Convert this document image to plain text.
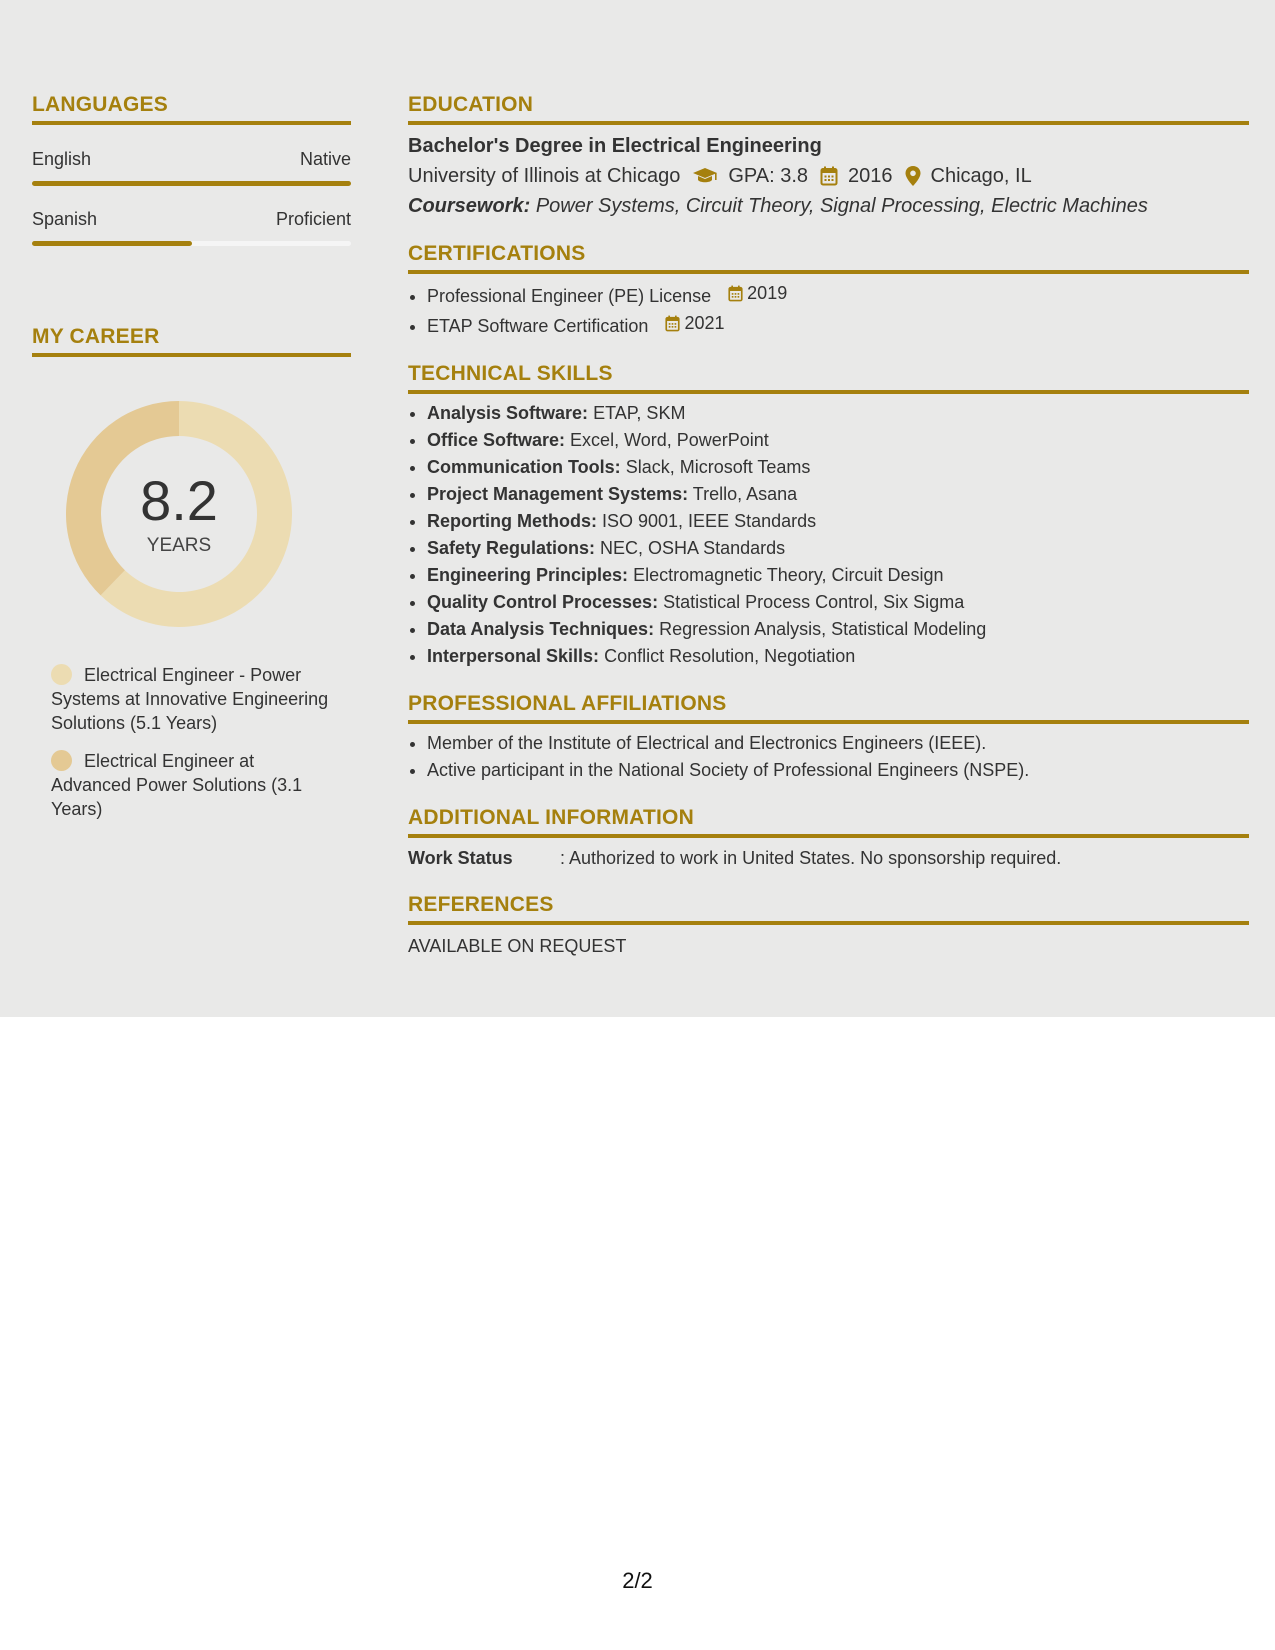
LANGUAGES
English	Native
Spanish	Proficient
MY CAREER
8.2
YEARS
Electrical Engineer - Power Systems at Innovative Engineering Solutions (5.1 Years)
Electrical Engineer at Advanced Power Solutions (3.1 Years)
EDUCATION
Bachelor's Degree in Electrical Engineering
University of Illinois at Chicago GPA: 3.8 2016 Chicago, IL
Coursework: Power Systems, Circuit Theory, Signal Processing, Electric Machines
CERTIFICATIONS
• Professional Engineer (PE) License 2019
• ETAP Software Certification 2021
TECHNICAL SKILLS
• Analysis Software: ETAP, SKM
• Office Software: Excel, Word, PowerPoint
• Communication Tools: Slack, Microsoft Teams
• Project Management Systems: Trello, Asana
• Reporting Methods: ISO 9001, IEEE Standards
• Safety Regulations: NEC, OSHA Standards
• Engineering Principles: Electromagnetic Theory, Circuit Design
• Quality Control Processes: Statistical Process Control, Six Sigma
• Data Analysis Techniques: Regression Analysis, Statistical Modeling
• Interpersonal Skills: Conflict Resolution, Negotiation
PROFESSIONAL AFFILIATIONS
• Member of the Institute of Electrical and Electronics Engineers (IEEE).
• Active participant in the National Society of Professional Engineers (NSPE).
ADDITIONAL INFORMATION
Work Status	: Authorized to work in United States. No sponsorship required.
REFERENCES
AVAILABLE ON REQUEST
2/2
